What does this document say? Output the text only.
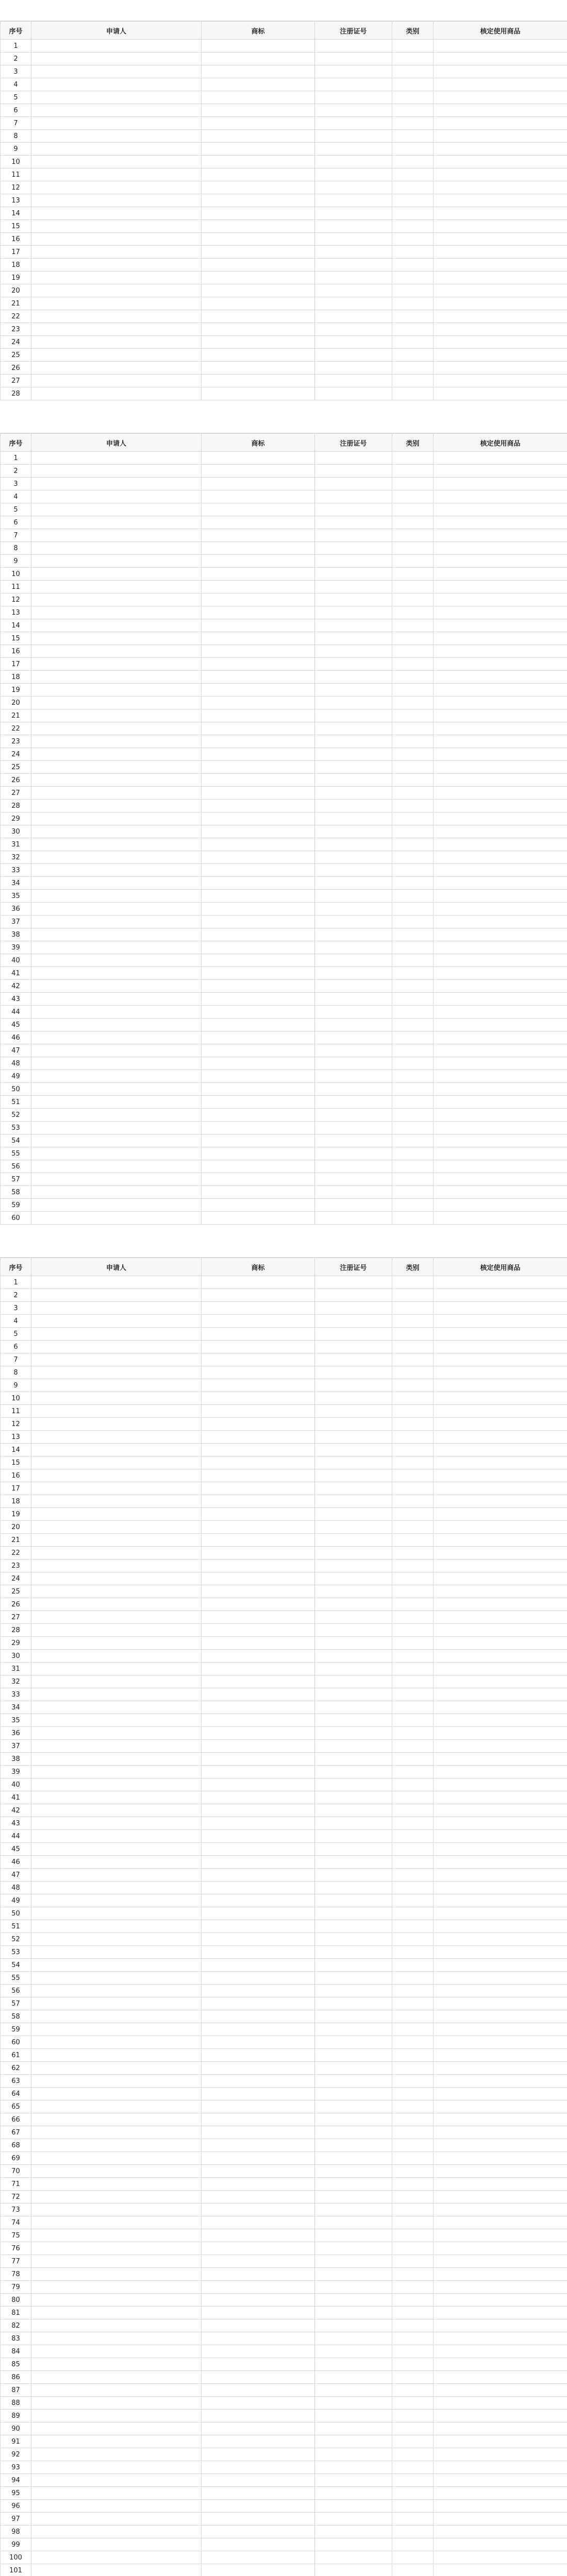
序号	申请人	商标	注册证号	类别	核定使用商品
1					
2					
3					
4					
5					
6					
7					
8					
9					
10					
11					
12					
13					
14					
15					
16					
17					
18					
19					
20					
21					
22					
23					
24					
25					
26					
27					
28					
序号	申请人	商标	注册证号	类别	核定使用商品
1					
2					
3					
4					
5					
6					
7					
8					
9					
10					
11					
12					
13					
14					
15					
16					
17					
18					
19					
20					
21					
22					
23					
24					
25					
26					
27					
28					
29					
30					
31					
32					
33					
34					
35					
36					
37					
38					
39					
40					
41					
42					
43					
44					
45					
46					
47					
48					
49					
50					
51					
52					
53					
54					
55					
56					
57					
58					
59					
60					
序号	申请人	商标	注册证号	类别	核定使用商品
1					
2					
3					
4					
5					
6					
7					
8					
9					
10					
11					
12					
13					
14					
15					
16					
17					
18					
19					
20					
21					
22					
23					
24					
25					
26					
27					
28					
29					
30					
31					
32					
33					
34					
35					
36					
37					
38					
39					
40					
41					
42					
43					
44					
45					
46					
47					
48					
49					
50					
51					
52					
53					
54					
55					
56					
57					
58					
59					
60					
61					
62					
63					
64					
65					
66					
67					
68					
69					
70					
71					
72					
73					
74					
75					
76					
77					
78					
79					
80					
81					
82					
83					
84					
85					
86					
87					
88					
89					
90					
91					
92					
93					
94					
95					
96					
97					
98					
99					
100					
101					
